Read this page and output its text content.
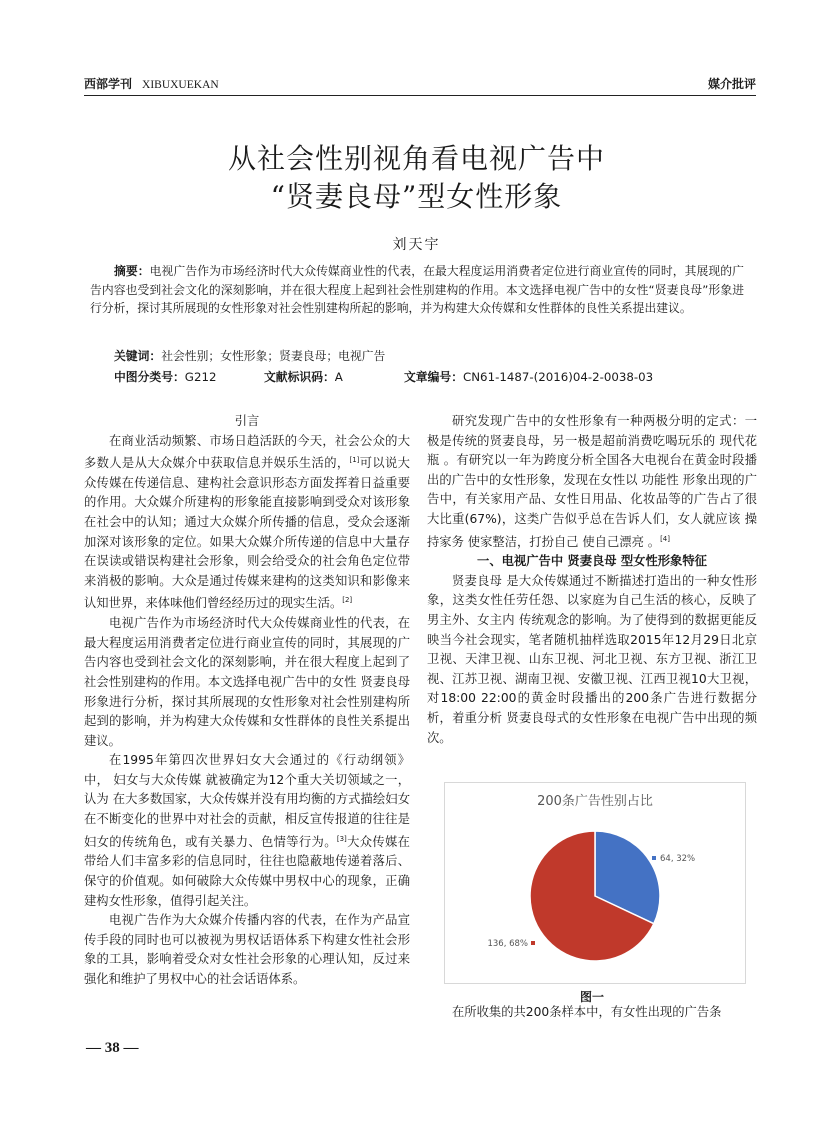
西部学刊 XIBUXUEKAN	媒介批评
从社会性别视角看电视广告中
“贤妻良母”型女性形象
刘天宇
摘要：电视广告作为市场经济时代大众传媒商业性的代表，在最大程度运用消费者定位进行商业宣传的同时，其展现的广告内容也受到社会文化的深刻影响，并在很大程度上起到社会性别建构的作用。本文选择电视广告中的女性“贤妻良母”形象进行分析，探讨其所展现的女性形象对社会性别建构所起的影响，并为构建大众传媒和女性群体的良性关系提出建议。
关键词：社会性别；女性形象；贤妻良母；电视广告
中图分类号：G212	文献标识码：A	文章编号：CN61-1487-(2016)04-2-0038-03

引言

在商业活动频繁、市场日趋活跃的今天，社会公众的大多数人是从大众媒介中获取信息并娱乐生活的，[1]可以说大众传媒在传递信息、建构社会意识形态方面发挥着日益重要的作用。大众媒介所建构的形象能直接影响到受众对该形象在社会中的认知；通过大众媒介所传播的信息，受众会逐渐加深对该形象的定位。如果大众媒介所传递的信息中大量存在误读或错误构建社会形象，则会给受众的社会角色定位带来消极的影响。大众是通过传媒来建构的这类知识和影像来认知世界，来体味他们曾经经历过的现实生活。[2]

电视广告作为市场经济时代大众传媒商业性的代表，在最大程度运用消费者定位进行商业宣传的同时，其展现的广告内容也受到社会文化的深刻影响，并在很大程度上起到了社会性别建构的作用。本文选择电视广告中的女性 贤妻良母 形象进行分析，探讨其所展现的女性形象对社会性别建构所起到的影响，并为构建大众传媒和女性群体的良性关系提出建议。

在1995年第四次世界妇女大会通过的《行动纲领》中， 妇女与大众传媒 就被确定为12个重大关切领域之一，认为 在大多数国家，大众传媒并没有用均衡的方式描绘妇女在不断变化的世界中对社会的贡献，相反宣传报道的往往是妇女的传统角色，或有关暴力、色情等行为。[3]大众传媒在带给人们丰富多彩的信息同时，往往也隐蔽地传递着落后、保守的价值观。如何破除大众传媒中男权中心的现象，正确建构女性形象，值得引起关注。

电视广告作为大众媒介传播内容的代表，在作为产品宣传手段的同时也可以被视为男权话语体系下构建女性社会形象的工具，影响着受众对女性社会形象的心理认知，反过来强化和维护了男权中心的社会话语体系。

研究发现广告中的女性形象有一种两极分明的定式：一极是传统的贤妻良母，另一极是超前消费吃喝玩乐的 现代花瓶 。有研究以一年为跨度分析全国各大电视台在黄金时段播出的广告中的女性形象，发现在女性以 功能性 形象出现的广告中，有关家用产品、女性日用品、化妆品等的广告占了很大比重(67%)，这类广告似乎总在告诉人们，女人就应该 操持家务 使家整洁，打扮自己 使自己漂亮 。[4]

一、电视广告中 贤妻良母 型女性形象特征

贤妻良母 是大众传媒通过不断描述打造出的一种女性形象，这类女性任劳任怨、以家庭为自己生活的核心，反映了 男主外、女主内 传统观念的影响。为了使得到的数据更能反映当今社会现实，笔者随机抽样选取2015年12月29日北京卫视、天津卫视、山东卫视、河北卫视、东方卫视、浙江卫视、江苏卫视、湖南卫视、安徽卫视、江西卫视10大卫视，对18:00 22:00的黄金时段播出的200条广告进行数据分析，着重分析 贤妻良母式的女性形象在电视广告中出现的频次。

200条广告性别占比
64, 32%
136, 68%
图一
在所收集的共200条样本中，有女性出现的广告条
— 38 —
